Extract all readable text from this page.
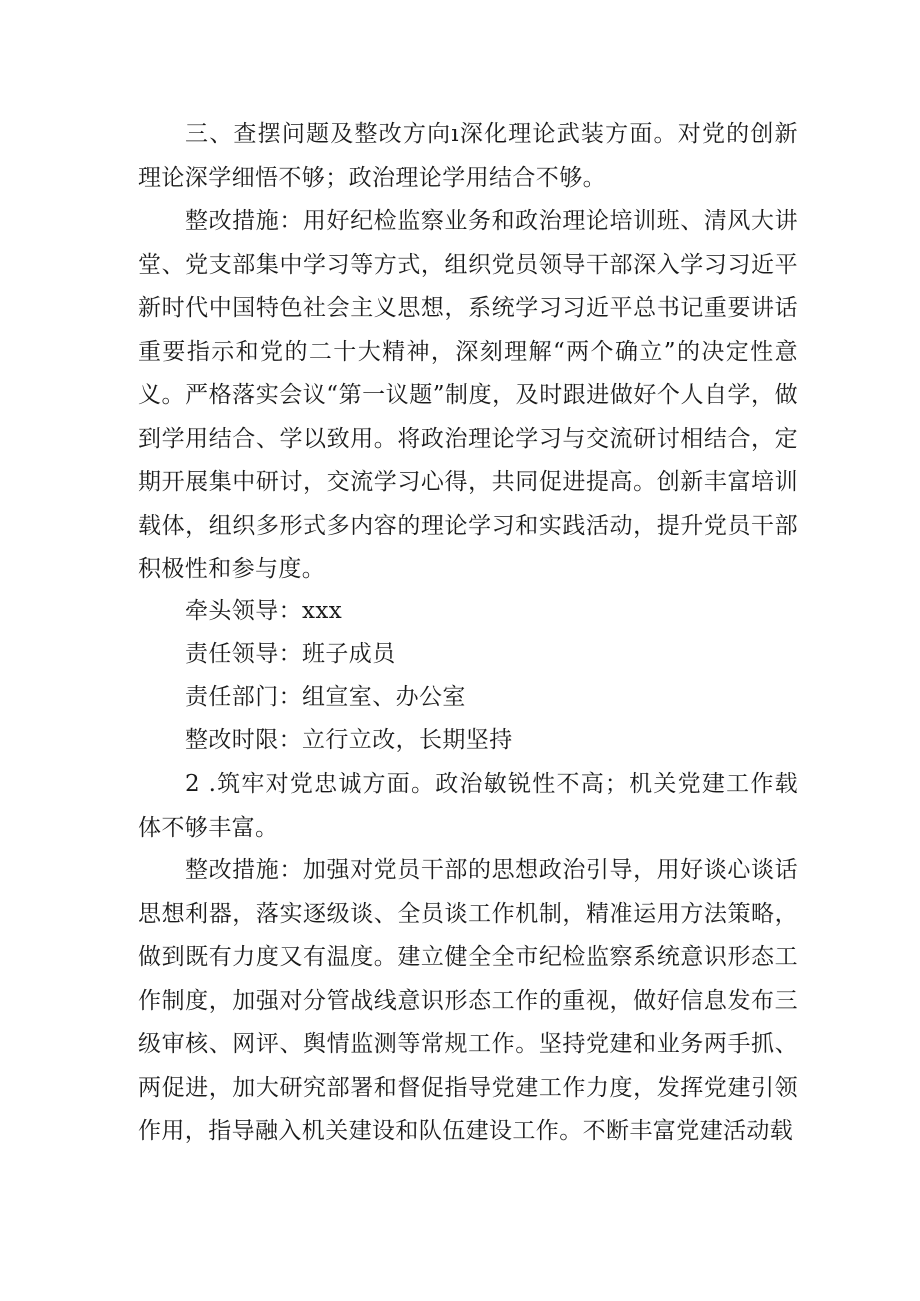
三、查摆问题及整改方向ı深化理论武装方面。对党的创新理论深学细悟不够；政治理论学用结合不够。

整改措施：用好纪检监察业务和政治理论培训班、清风大讲堂、党支部集中学习等方式，组织党员领导干部深入学习习近平新时代中国特色社会主义思想，系统学习习近平总书记重要讲话重要指示和党的二十大精神，深刻理解“两个确立”的决定性意义。严格落实会议“第一议题”制度，及时跟进做好个人自学，做到学用结合、学以致用。将政治理论学习与交流研讨相结合，定期开展集中研讨，交流学习心得，共同促进提高。创新丰富培训载体，组织多形式多内容的理论学习和实践活动，提升党员干部积极性和参与度。

牵头领导：xxx

责任领导：班子成员

责任部门：组宣室、办公室

整改时限：立行立改，长期坚持

2 .筑牢对党忠诚方面。政治敏锐性不高；机关党建工作载体不够丰富。

整改措施：加强对党员干部的思想政治引导，用好谈心谈话思想利器，落实逐级谈、全员谈工作机制，精准运用方法策略，做到既有力度又有温度。建立健全全市纪检监察系统意识形态工作制度，加强对分管战线意识形态工作的重视，做好信息发布三级审核、网评、舆情监测等常规工作。坚持党建和业务两手抓、两促进，加大研究部署和督促指导党建工作力度，发挥党建引领作用，指导融入机关建设和队伍建设工作。不断丰富党建活动载
